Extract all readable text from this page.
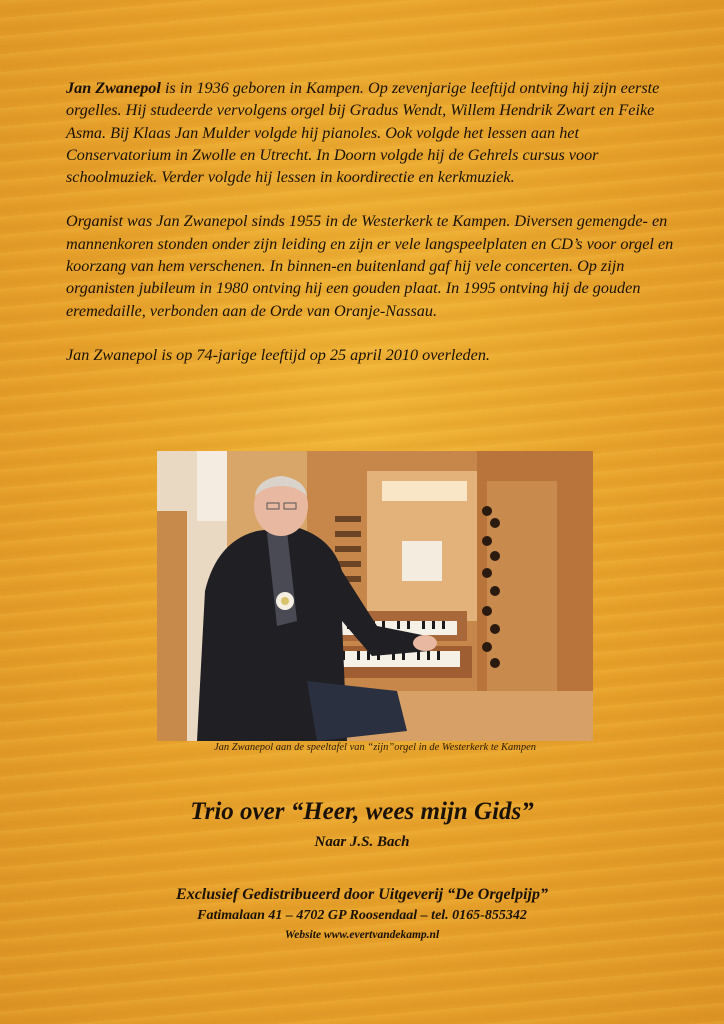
Jan Zwanepol is in 1936 geboren in Kampen. Op zevenjarige leeftijd ontving hij zijn eerste orgelles. Hij studeerde vervolgens orgel bij Gradus Wendt, Willem Hendrik Zwart en Feike Asma. Bij Klaas Jan Mulder volgde hij pianoles. Ook volgde het lessen aan het Conservatorium in Zwolle en Utrecht. In Doorn volgde hij de Gehrels cursus voor schoolmuziek. Verder volgde hij lessen in koordirectie en kerkmuziek.

Organist was Jan Zwanepol sinds 1955 in de Westerkerk te Kampen. Diversen gemengde- en mannenkoren stonden onder zijn leiding en zijn er vele langspeelplaten en CD’s voor orgel en koorzang van hem verschenen. In binnen-en buitenland gaf hij vele concerten. Op zijn organisten jubileum in 1980 ontving hij een gouden plaat. In 1995 ontving hij de gouden eremedaille, verbonden aan de Orde van Oranje-Nassau.

Jan Zwanepol is op 74-jarige leeftijd op 25 april 2010 overleden.

Jan Zwanepol aan de speeltafel van “zijn”orgel in de Westerkerk te Kampen
Trio over “Heer, wees mijn Gids”
Naar J.S. Bach
Exclusief Gedistribueerd door Uitgeverij “De Orgelpijp”
Fatimalaan 41 – 4702 GP Roosendaal – tel. 0165-855342
Website www.evertvandekamp.nl
